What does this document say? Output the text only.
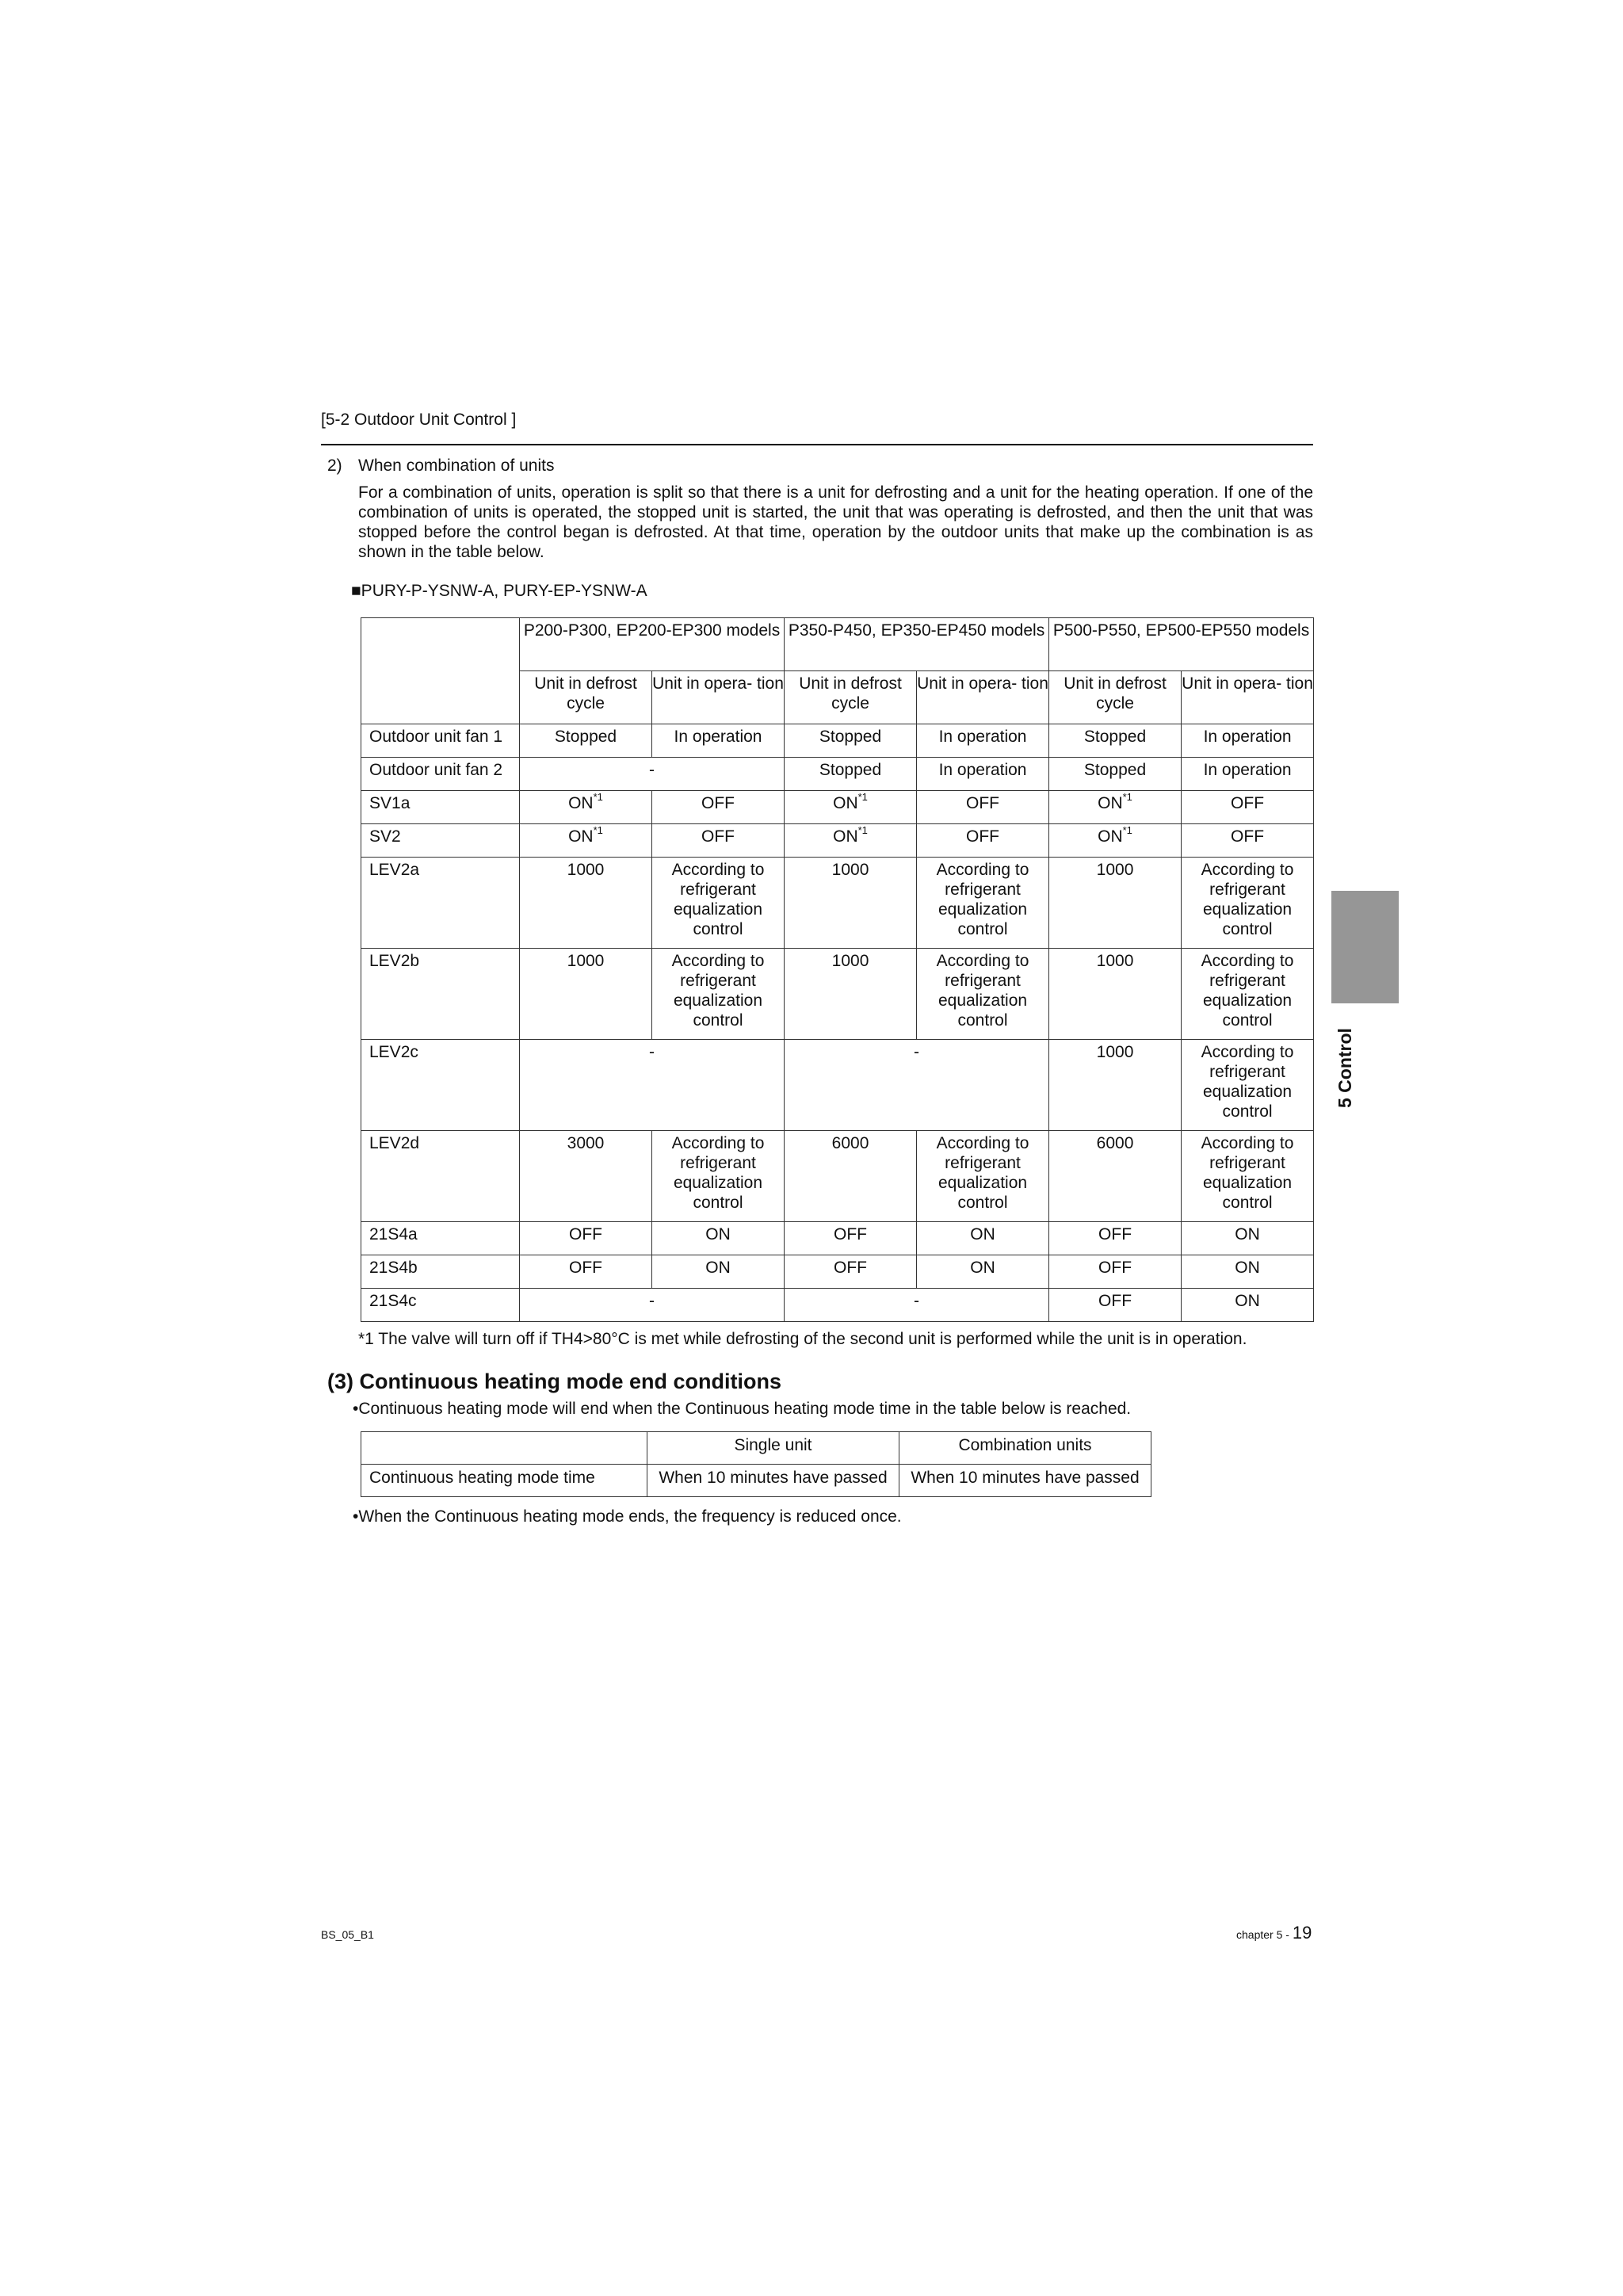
[5-2 Outdoor Unit Control ]
2) When combination of units
For a combination of units, operation is split so that there is a unit for defrosting and a unit for the heating operation. If one of the combination of units is operated, the stopped unit is started, the unit that was operating is defrosted, and then the unit that was stopped before the control began is defrosted. At that time, operation by the outdoor units that make up the combination is as shown in the table below.
■PURY-P-YSNW-A, PURY-EP-YSNW-A
	P200-P300, EP200-EP300 models		P350-P450, EP350-EP450 models		P500-P550, EP500-EP550 models	
	Unit in defrost cycle	Unit in opera- tion	Unit in defrost cycle	Unit in opera- tion	Unit in defrost cycle	Unit in opera- tion
Outdoor unit fan 1	Stopped	In operation	Stopped	In operation	Stopped	In operation
Outdoor unit fan 2	-		Stopped	In operation	Stopped	In operation
SV1a	ON$^{*1}$	OFF	ON$^{*1}$	OFF	ON$^{*1}$	OFF
SV2	ON$^{*1}$	OFF	ON$^{*1}$	OFF	ON$^{*1}$	OFF
LEV2a	1000	According to refrigerant equalization control	1000	According to refrigerant equalization control	1000	According to refrigerant equalization control
LEV2b	1000	According to refrigerant equalization control	1000	According to refrigerant equalization control	1000	According to refrigerant equalization control
LEV2c	-		-		1000	According to refrigerant equalization control
LEV2d	3000	According to refrigerant equalization control	6000	According to refrigerant equalization control	6000	According to refrigerant equalization control
21S4a	OFF	ON	OFF	ON	OFF	ON
21S4b	OFF	ON	OFF	ON	OFF	ON
21S4c	-		-		OFF	ON
*1 The valve will turn off if TH4>80°C is met while defrosting of the second unit is performed while the unit is in operation.
(3) Continuous heating mode end conditions
•Continuous heating mode will end when the Continuous heating mode time in the table below is reached.
	Single unit	Combination units
Continuous heating mode time	When 10 minutes have passed	When 10 minutes have passed
•When the Continuous heating mode ends, the frequency is reduced once.
5 Control
BS_05_B1	chapter 5 - 19
